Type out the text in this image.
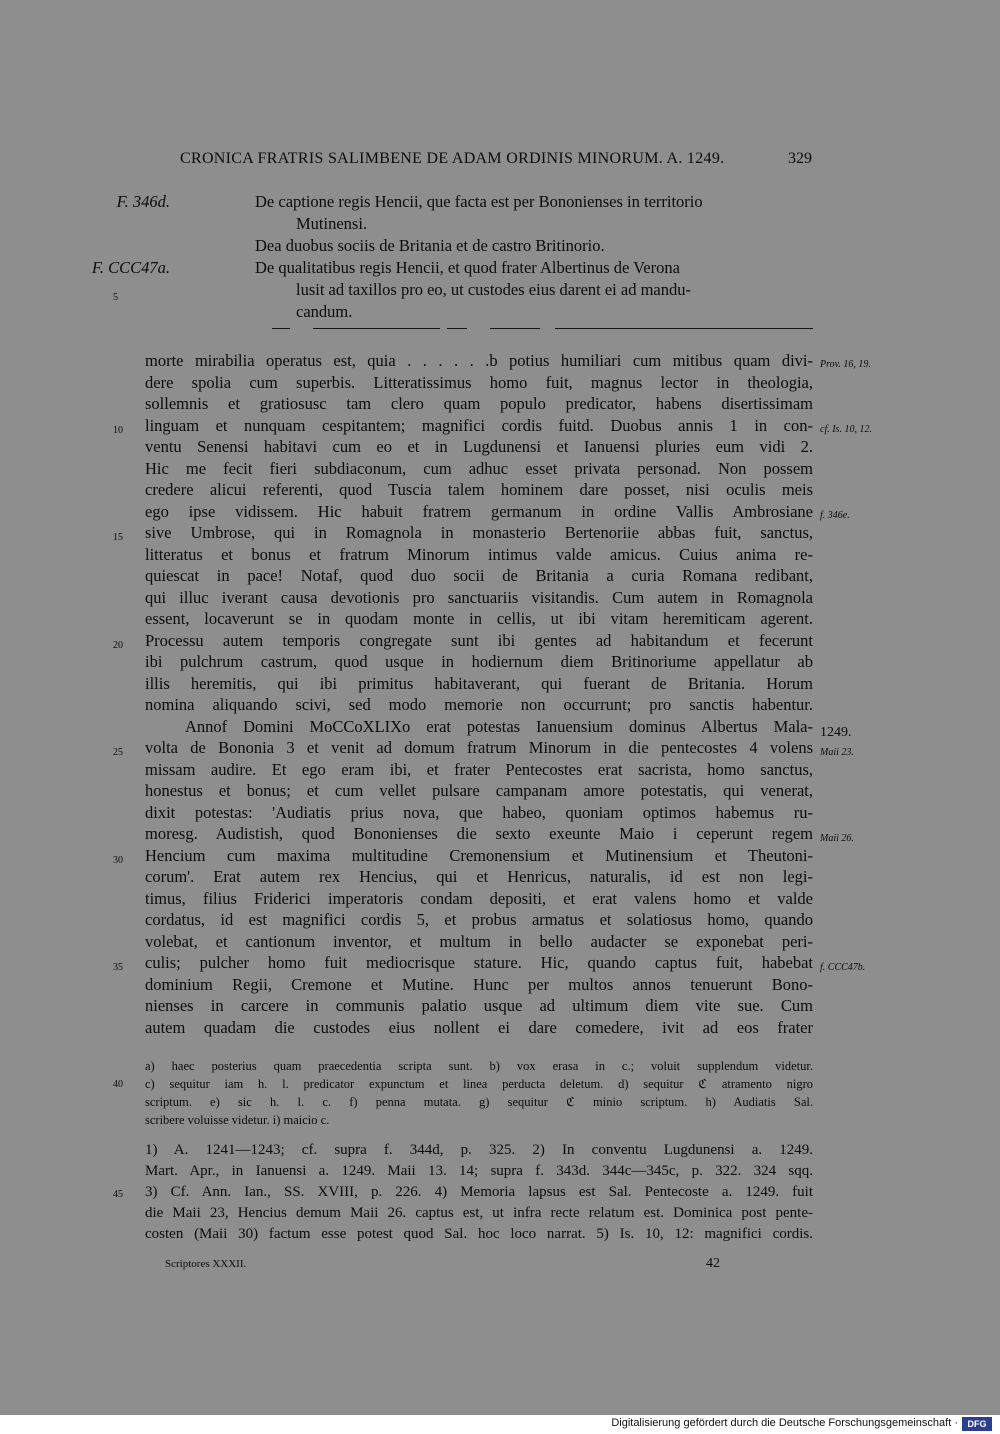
CRONICA FRATRIS SALIMBENE DE ADAM ORDINIS MINORUM. A. 1249.	329
F. 346d.	De captione regis Hencii, que facta est per Bononienses in territorio
Mutinensi.
Dea duobus sociis de Britania et de castro Britinorio.
F. CCC47a.	De qualitatibus regis Hencii, et quod frater Albertinus de Verona
lusit ad taxillos pro eo, ut custodes eius darent ei ad mandu-
candum.
5
morte mirabilia operatus est, quia . . . . . .b potius humiliari cum mitibus quam divi-
dere spolia cum superbis. Litteratissimus homo fuit, magnus lector in theologia,
sollemnis et gratiosusc tam clero quam populo predicator, habens disertissimam
linguam et nunquam cespitantem; magnifici cordis fuitd. Duobus annis 1 in con-
ventu Senensi habitavi cum eo et in Lugdunensi et Ianuensi pluries eum vidi 2.
Hic me fecit fieri subdiaconum, cum adhuc esset privata personad. Non possem
credere alicui referenti, quod Tuscia talem hominem dare posset, nisi oculis meis
ego ipse vidissem. Hic habuit fratrem germanum in ordine Vallis Ambrosiane
sive Umbrose, qui in Romagnola in monasterio Bertenoriie abbas fuit, sanctus,
litteratus et bonus et fratrum Minorum intimus valde amicus. Cuius anima re-
quiescat in pace! Notaf, quod duo socii de Britania a curia Romana redibant,
qui illuc iverant causa devotionis pro sanctuariis visitandis. Cum autem in Romagnola
essent, locaverunt se in quodam monte in cellis, ut ibi vitam heremiticam agerent.
Processu autem temporis congregate sunt ibi gentes ad habitandum et fecerunt
ibi pulchrum castrum, quod usque in hodiernum diem Britinoriume appellatur ab
illis heremitis, qui ibi primitus habitaverant, qui fuerant de Britania. Horum
nomina aliquando scivi, sed modo memorie non occurrunt; pro sanctis habentur.
Annof Domini MoCCoXLIXo erat potestas Ianuensium dominus Albertus Mala-
volta de Bononia 3 et venit ad domum fratrum Minorum in die pentecostes 4 volens
missam audire. Et ego eram ibi, et frater Pentecostes erat sacrista, homo sanctus,
honestus et bonus; et cum vellet pulsare campanam amore potestatis, qui venerat,
dixit potestas: 'Audiatis prius nova, que habeo, quoniam optimos habemus ru-
moresg. Audistish, quod Bononienses die sexto exeunte Maio i ceperunt regem
Hencium cum maxima multitudine Cremonensium et Mutinensium et Theutoni-
corum'. Erat autem rex Hencius, qui et Henricus, naturalis, id est non legi-
timus, filius Friderici imperatoris condam depositi, et erat valens homo et valde
cordatus, id est magnifici cordis 5, et probus armatus et solatiosus homo, quando
volebat, et cantionum inventor, et multum in bello audacter se exponebat peri-
culis; pulcher homo fuit mediocrisque stature. Hic, quando captus fuit, habebat
dominium Regii, Cremone et Mutine. Hunc per multos annos tenuerunt Bono-
nienses in carcere in communis palatio usque ad ultimum diem vite sue. Cum
autem quadam die custodes eius nollent ei dare comedere, ivit ad eos frater
10
15
20
25
30
35
Prov. 16, 19.
cf. Is. 10, 12.
f. 346e.
1249.
Maii 23.
Maii 26.
f. CCC47b.
a) haec posterius quam praecedentia scripta sunt. b) vox erasa in c.; voluit supplendum videtur.
c) sequitur iam h. l. predicator expunctum et linea perducta deletum. d) sequitur ℭ atramento nigro
scriptum. e) sic h. l. c. f) penna mutata. g) sequitur ℭ minio scriptum. h) Audiatis Sal.
scribere voluisse videtur. i) maicio c.
40
1) A. 1241—1243; cf. supra f. 344d, p. 325. 2) In conventu Lugdunensi a. 1249.
Mart. Apr., in Ianuensi a. 1249. Maii 13. 14; supra f. 343d. 344c—345c, p. 322. 324 sqq.
3) Cf. Ann. Ian., SS. XVIII, p. 226. 4) Memoria lapsus est Sal. Pentecoste a. 1249. fuit
die Maii 23, Hencius demum Maii 26. captus est, ut infra recte relatum est. Dominica post pente-
costen (Maii 30) factum esse potest quod Sal. hoc loco narrat. 5) Is. 10, 12: magnifici cordis.
45
Scriptores XXXII.	42
Digitalisierung gefördert durch die Deutsche Forschungsgemeinschaft ·	DFG
